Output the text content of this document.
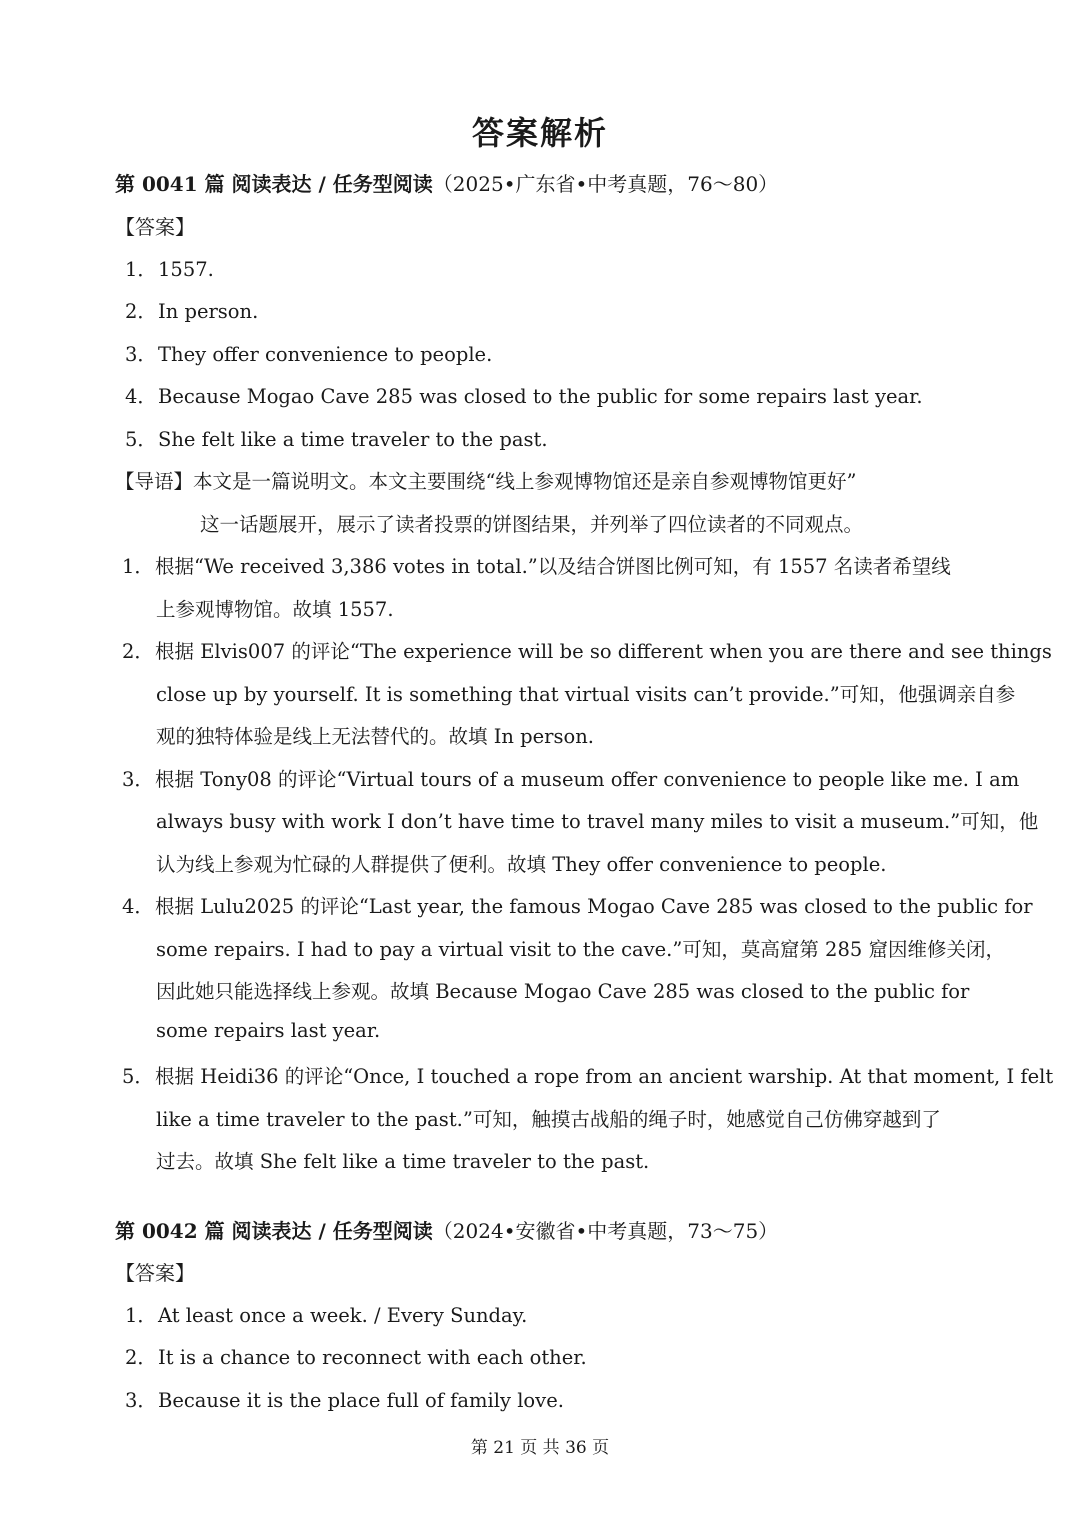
答案解析
第 0041 篇 阅读表达 / 任务型阅读（2025•广东省•中考真题，76～80）
【答案】
1．1557.
2．In person.
3．They offer convenience to people.
4．Because Mogao Cave 285 was closed to the public for some repairs last year.
5．She felt like a time traveler to the past.
【导语】本文是一篇说明文。本文主要围绕“线上参观博物馆还是亲自参观博物馆更好”
这一话题展开，展示了读者投票的饼图结果，并列举了四位读者的不同观点。
1．根据“We received 3,386 votes in total.”以及结合饼图比例可知，有 1557 名读者希望线
上参观博物馆。故填 1557.
2．根据 Elvis007 的评论“The experience will be so different when you are there and see things
close up by yourself. It is something that virtual visits can’t provide.”可知，他强调亲自参
观的独特体验是线上无法替代的。故填 In person.
3．根据 Tony08 的评论“Virtual tours of a museum offer convenience to people like me. I am
always busy with work I don’t have time to travel many miles to visit a museum.”可知，他
认为线上参观为忙碌的人群提供了便利。故填 They offer convenience to people.
4．根据 Lulu2025 的评论“Last year, the famous Mogao Cave 285 was closed to the public for
some repairs. I had to pay a virtual visit to the cave.”可知，莫高窟第 285 窟因维修关闭，
因此她只能选择线上参观。故填 Because Mogao Cave 285 was closed to the public for
some repairs last year.
5．根据 Heidi36 的评论“Once, I touched a rope from an ancient warship. At that moment, I felt
like a time traveler to the past.”可知，触摸古战船的绳子时，她感觉自己仿佛穿越到了
过去。故填 She felt like a time traveler to the past.
第 0042 篇 阅读表达 / 任务型阅读（2024•安徽省•中考真题，73～75）
【答案】
1．At least once a week. / Every Sunday.
2．It is a chance to reconnect with each other.
3．Because it is the place full of family love.
第 21 页 共 36 页
